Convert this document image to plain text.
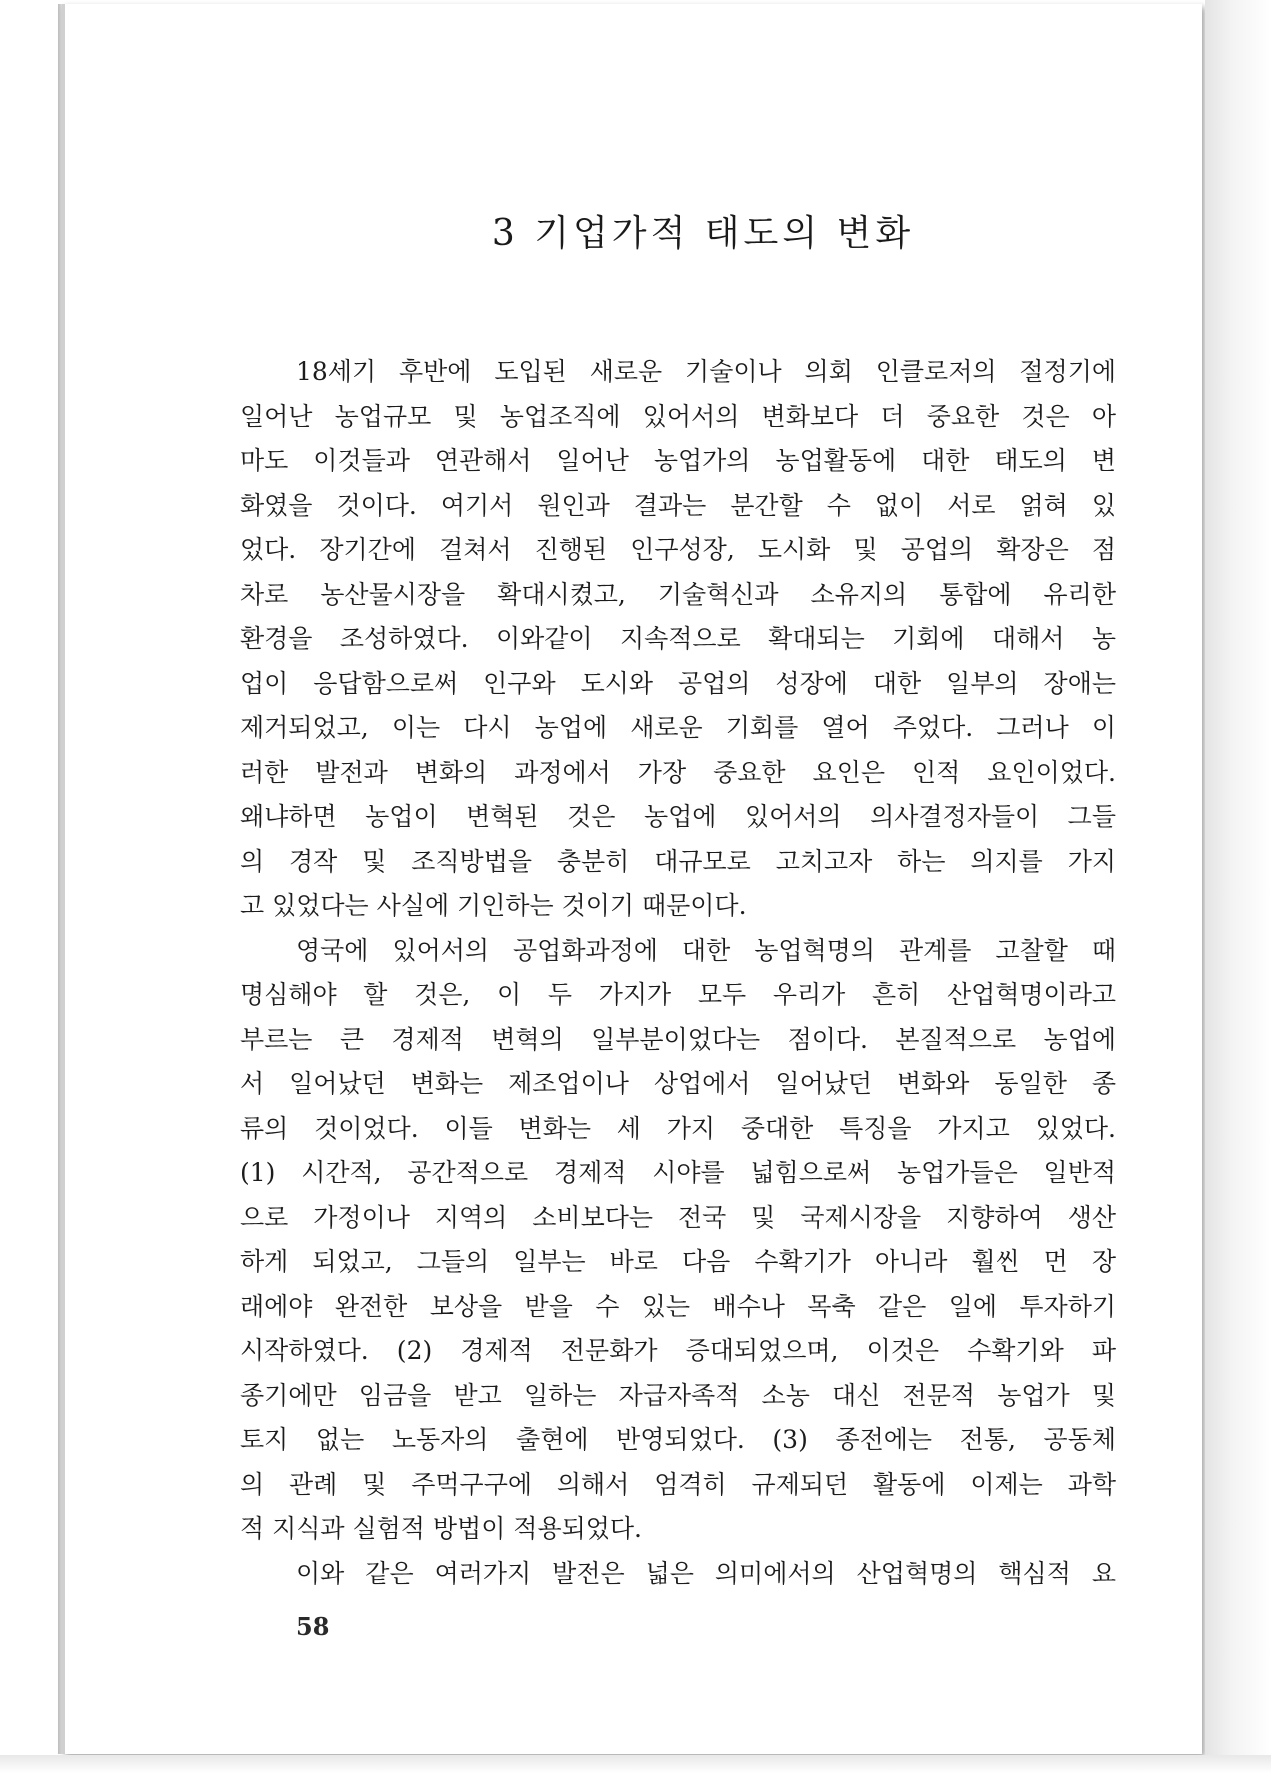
3 기업가적 태도의 변화
18세기 후반에 도입된 새로운 기술이나 의회 인클로저의 절정기에
일어난 농업규모 및 농업조직에 있어서의 변화보다 더 중요한 것은 아
마도 이것들과 연관해서 일어난 농업가의 농업활동에 대한 태도의 변
화였을 것이다. 여기서 원인과 결과는 분간할 수 없이 서로 얽혀 있
었다. 장기간에 걸쳐서 진행된 인구성장, 도시화 및 공업의 확장은 점
차로 농산물시장을 확대시켰고, 기술혁신과 소유지의 통합에 유리한
환경을 조성하였다. 이와같이 지속적으로 확대되는 기회에 대해서 농
업이 응답함으로써 인구와 도시와 공업의 성장에 대한 일부의 장애는
제거되었고, 이는 다시 농업에 새로운 기회를 열어 주었다. 그러나 이
러한 발전과 변화의 과정에서 가장 중요한 요인은 인적 요인이었다.
왜냐하면 농업이 변혁된 것은 농업에 있어서의 의사결정자들이 그들
의 경작 및 조직방법을 충분히 대규모로 고치고자 하는 의지를 가지
고 있었다는 사실에 기인하는 것이기 때문이다.
영국에 있어서의 공업화과정에 대한 농업혁명의 관계를 고찰할 때
명심해야 할 것은, 이 두 가지가 모두 우리가 흔히 산업혁명이라고
부르는 큰 경제적 변혁의 일부분이었다는 점이다. 본질적으로 농업에
서 일어났던 변화는 제조업이나 상업에서 일어났던 변화와 동일한 종
류의 것이었다. 이들 변화는 세 가지 중대한 특징을 가지고 있었다.
(1) 시간적, 공간적으로 경제적 시야를 넓힘으로써 농업가들은 일반적
으로 가정이나 지역의 소비보다는 전국 및 국제시장을 지향하여 생산
하게 되었고, 그들의 일부는 바로 다음 수확기가 아니라 훨씬 먼 장
래에야 완전한 보상을 받을 수 있는 배수나 목축 같은 일에 투자하기
시작하였다. (2) 경제적 전문화가 증대되었으며, 이것은 수확기와 파
종기에만 임금을 받고 일하는 자급자족적 소농 대신 전문적 농업가 및
토지 없는 노동자의 출현에 반영되었다. (3) 종전에는 전통, 공동체
의 관례 및 주먹구구에 의해서 엄격히 규제되던 활동에 이제는 과학
적 지식과 실험적 방법이 적용되었다.
이와 같은 여러가지 발전은 넓은 의미에서의 산업혁명의 핵심적 요
58
